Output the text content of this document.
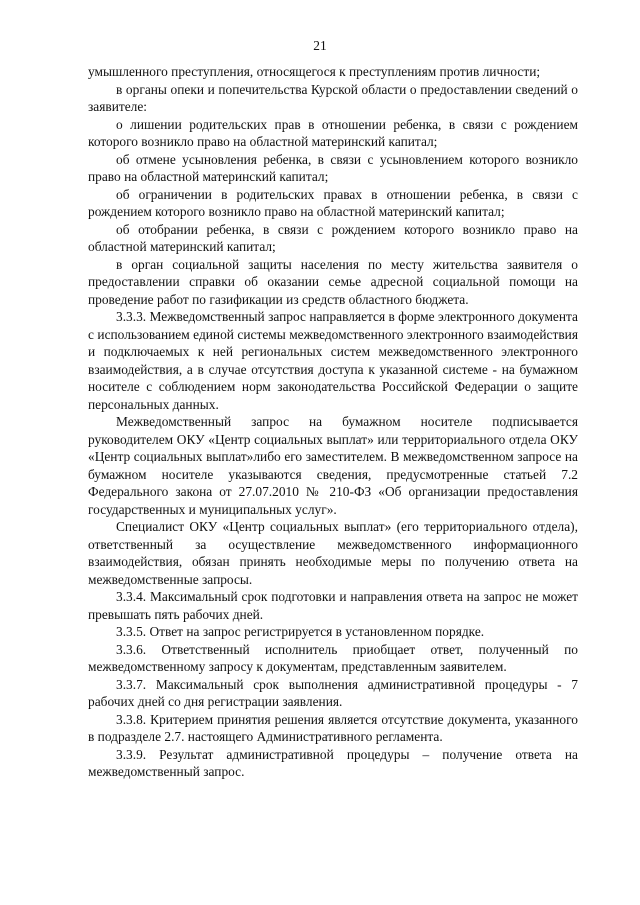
21

умышленного преступления, относящегося к преступлениям против личности;

в органы опеки и попечительства Курской области о предоставлении сведений о заявителе:

о лишении родительских прав в отношении ребенка, в связи с рождением которого возникло право на областной материнский капитал;

об отмене усыновления ребенка, в связи с усыновлением которого возникло право на областной материнский капитал;

об ограничении в родительских правах в отношении ребенка, в связи с рождением которого возникло право на областной материнский капитал;

об отобрании ребенка, в связи с рождением которого возникло право на областной материнский капитал;

в орган социальной защиты населения по месту жительства заявителя о предоставлении справки об оказании семье адресной социальной помощи на проведение работ по газификации из средств областного бюджета.

3.3.3. Межведомственный запрос направляется в форме электронного документа с использованием единой системы межведомственного электронного взаимодействия и подключаемых к ней региональных систем межведомственного электронного взаимодействия, а в случае отсутствия доступа к указанной системе - на бумажном носителе с соблюдением норм законодательства Российской Федерации о защите персональных данных.

Межведомственный запрос на бумажном носителе подписывается руководителем ОКУ «Центр социальных выплат» или территориального отдела ОКУ «Центр социальных выплат»либо его заместителем. В межведомственном запросе на бумажном носителе указываются сведения, предусмотренные статьей 7.2 Федерального закона от 27.07.2010 № 210-ФЗ «Об организации предоставления государственных и муниципальных услуг».

Специалист ОКУ «Центр социальных выплат» (его территориального отдела), ответственный за осуществление межведомственного информационного взаимодействия, обязан принять необходимые меры по получению ответа на межведомственные запросы.

3.3.4. Максимальный срок подготовки и направления ответа на запрос не может превышать пять рабочих дней.

3.3.5. Ответ на запрос регистрируется в установленном порядке.

3.3.6. Ответственный исполнитель приобщает ответ, полученный по межведомственному запросу к документам, представленным заявителем.

3.3.7. Максимальный срок выполнения административной процедуры - 7 рабочих дней со дня регистрации заявления.

3.3.8. Критерием принятия решения является отсутствие документа, указанного в подразделе 2.7. настоящего Административного регламента.

3.3.9. Результат административной процедуры – получение ответа на межведомственный запрос.
